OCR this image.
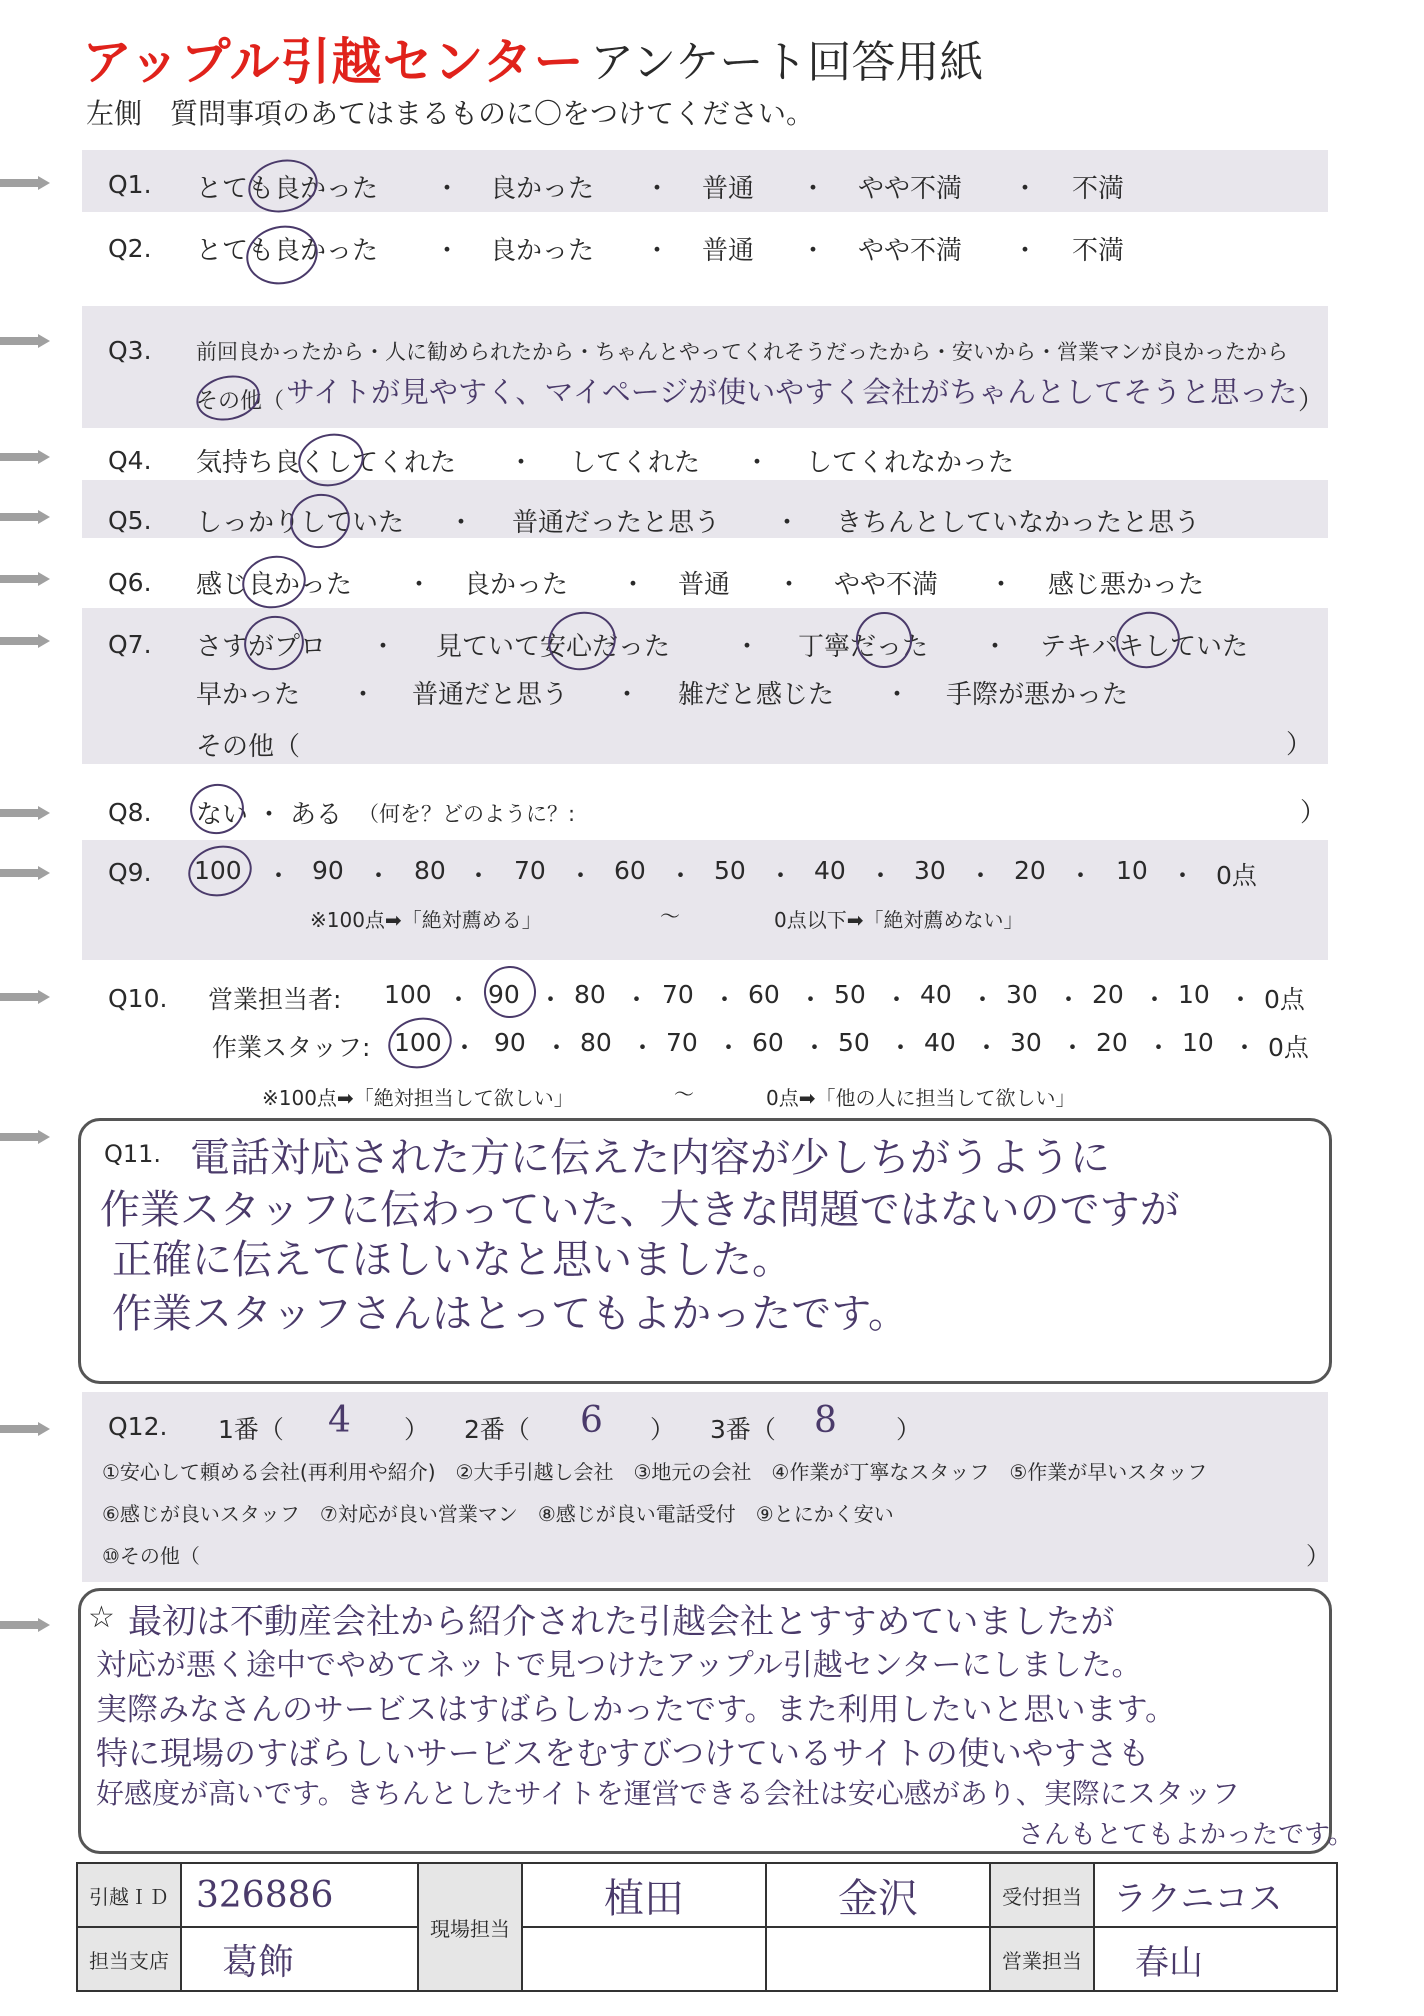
アップル引越センター アンケート回答用紙
左側　質問事項のあてはまるものに〇をつけてください。
Q1. とても良かった ・ 良かった ・ 普通 ・ やや不満 ・ 不満
Q2. とても良かった ・ 良かった ・ 普通 ・ やや不満 ・ 不満
Q3. 前回良かったから・人に勧められたから・ちゃんとやってくれそうだったから・安いから・営業マンが良かったから
その他（ サイトが見やすく、マイページが使いやすく会社がちゃんとしてそうと思った ）
Q4. 気持ち良くしてくれた ・ してくれた ・ してくれなかった
Q5. しっかりしていた ・ 普通だったと思う ・ きちんとしていなかったと思う
Q6. 感じ良かった ・ 良かった ・ 普通 ・ やや不満 ・ 感じ悪かった
Q7. さすがプロ ・ 見ていて安心だった ・ 丁寧だった ・ テキパキしていた
早かった ・ 普通だと思う ・ 雑だと感じた ・ 手際が悪かった
その他（	）
Q8. ない ・ ある （何を？どのように？:	）
Q9. 100 ・ 90 ・ 80 ・ 70 ・ 60 ・ 50 ・ 40 ・ 30 ・ 20 ・ 10 ・ 0点
※100点➡「絶対薦める」	～	0点以下➡「絶対薦めない」
Q10. 営業担当者: 100 ・ 90 ・ 80 ・ 70 ・ 60 ・ 50 ・ 40 ・ 30 ・ 20 ・ 10 ・ 0点
作業スタッフ: 100 ・ 90 ・ 80 ・ 70 ・ 60 ・ 50 ・ 40 ・ 30 ・ 20 ・ 10 ・ 0点
※100点➡「絶対担当して欲しい」	～	0点➡「他の人に担当して欲しい」
Q11. 電話対応された方に伝えた内容が少しちがうように
作業スタッフに伝わっていた、大きな問題ではないのですが
正確に伝えてほしいなと思いました。
作業スタッフさんはとってもよかったです。
Q12. 1番（ 4 ） 2番（ 6 ） 3番（ 8 ）
①安心して頼める会社(再利用や紹介)　②大手引越し会社　③地元の会社　④作業が丁寧なスタッフ　⑤作業が早いスタッフ
⑥感じが良いスタッフ　⑦対応が良い営業マン　⑧感じが良い電話受付　⑨とにかく安い
⑩その他（	）
☆ 最初は不動産会社から紹介された引越会社とすすめていましたが
対応が悪く途中でやめてネットで見つけたアップル引越センターにしました。
実際みなさんのサービスはすばらしかったです。また利用したいと思います。
特に現場のすばらしいサービスをむすびつけているサイトの使いやすさも
好感度が高いです。きちんとしたサイトを運営できる会社は安心感があり、実際にスタッフ
さんもとてもよかったです。
引越ＩＤ	326886	現場担当	植田	金沢	受付担当	ラクニコス
担当支店	葛飾				営業担当	春山
